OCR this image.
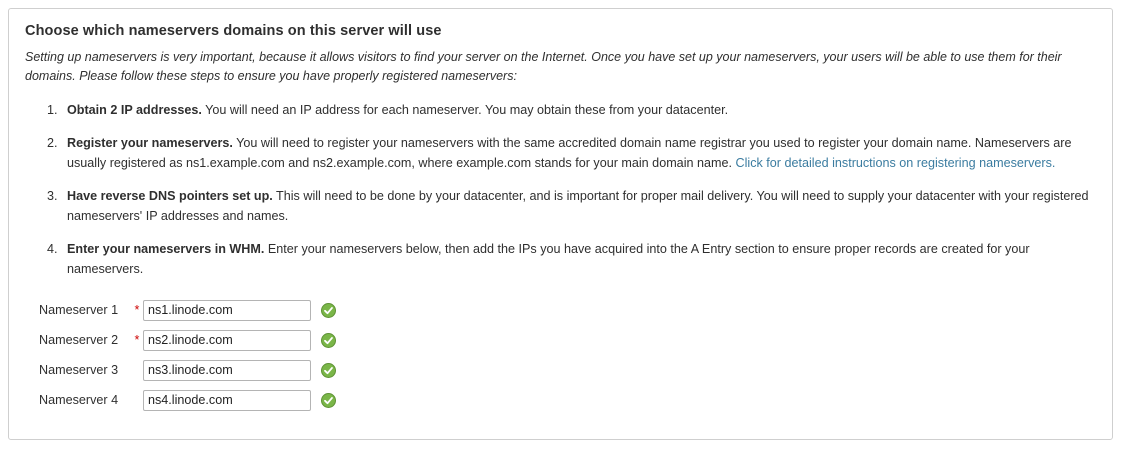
Choose which nameservers domains on this server will use
Setting up nameservers is very important, because it allows visitors to find your server on the Internet. Once you have set up your nameservers, your users will be able to use them for their domains. Please follow these steps to ensure you have properly registered nameservers:
1. Obtain 2 IP addresses. You will need an IP address for each nameserver. You may obtain these from your datacenter.
2. Register your nameservers. You will need to register your nameservers with the same accredited domain name registrar you used to register your domain name. Nameservers are usually registered as ns1.example.com and ns2.example.com, where example.com stands for your main domain name. Click for detailed instructions on registering nameservers.
3. Have reverse DNS pointers set up. This will need to be done by your datacenter, and is important for proper mail delivery. You will need to supply your datacenter with your registered nameservers' IP addresses and names.
4. Enter your nameservers in WHM. Enter your nameservers below, then add the IPs you have acquired into the A Entry section to ensure proper records are created for your nameservers.
Nameserver 1	*
ns1.linode.com
Nameserver 2	*
ns2.linode.com
Nameserver 3
ns3.linode.com
Nameserver 4
ns4.linode.com
